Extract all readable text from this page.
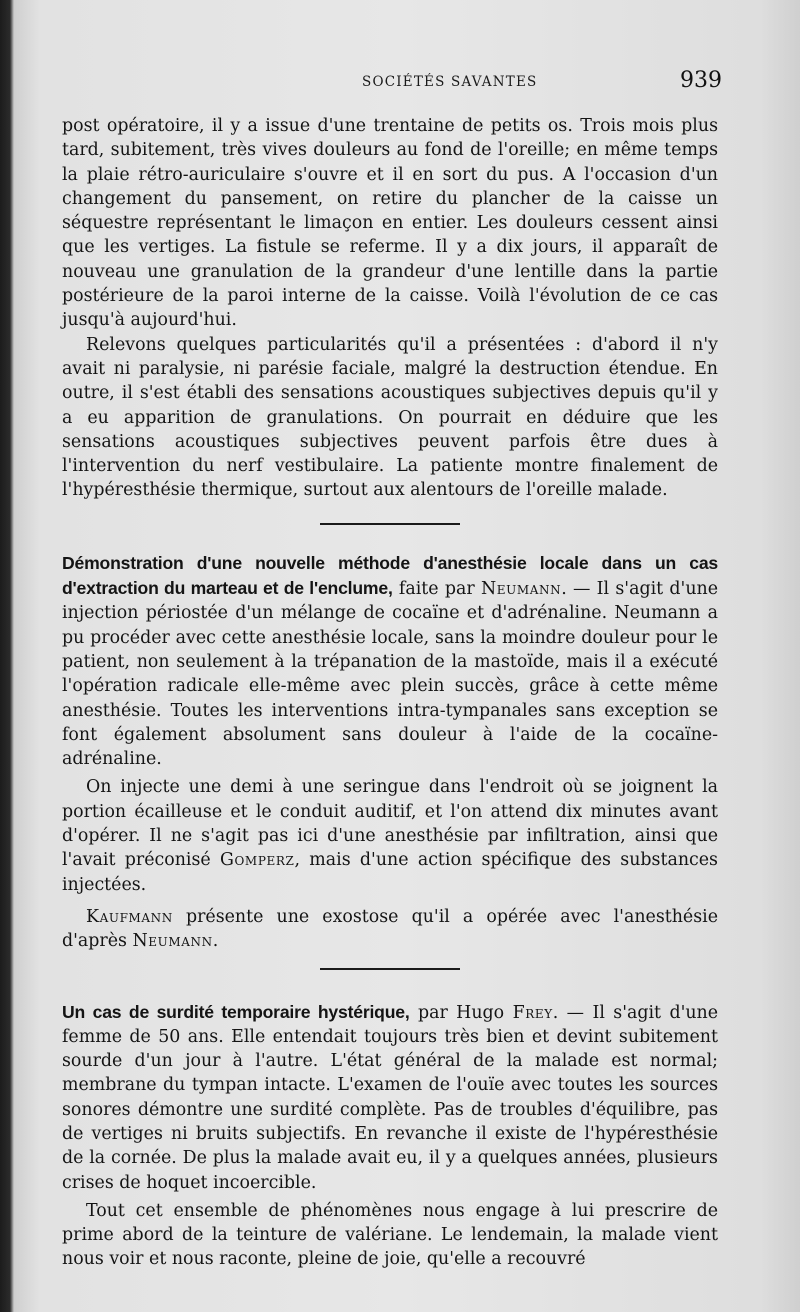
SOCIÉTÉS SAVANTES	939

post opératoire, il y a issue d'une trentaine de petits os. Trois mois plus tard, subitement, très vives douleurs au fond de l'oreille; en même temps la plaie rétro-auriculaire s'ouvre et il en sort du pus. A l'occasion d'un changement du pansement, on retire du plancher de la caisse un séquestre représentant le limaçon en entier. Les douleurs cessent ainsi que les vertiges. La fistule se referme. Il y a dix jours, il apparaît de nouveau une granulation de la grandeur d'une lentille dans la partie postérieure de la paroi interne de la caisse. Voilà l'évolution de ce cas jusqu'à aujourd'hui.

Relevons quelques particularités qu'il a présentées : d'abord il n'y avait ni paralysie, ni parésie faciale, malgré la destruction étendue. En outre, il s'est établi des sensations acoustiques subjectives depuis qu'il y a eu apparition de granulations. On pourrait en déduire que les sensations acoustiques subjectives peuvent parfois être dues à l'intervention du nerf vestibulaire. La patiente montre finalement de l'hypéresthésie thermique, surtout aux alentours de l'oreille malade.

Démonstration d'une nouvelle méthode d'anesthésie locale dans un cas d'extraction du marteau et de l'enclume, faite par Neumann. — Il s'agit d'une injection périostée d'un mélange de cocaïne et d'adrénaline. Neumann a pu procéder avec cette anesthésie locale, sans la moindre douleur pour le patient, non seulement à la trépanation de la mastoïde, mais il a exécuté l'opération radicale elle-même avec plein succès, grâce à cette même anesthésie. Toutes les interventions intra-tympanales sans exception se font également absolument sans douleur à l'aide de la cocaïne-adrénaline.

On injecte une demi à une seringue dans l'endroit où se joignent la portion écailleuse et le conduit auditif, et l'on attend dix minutes avant d'opérer. Il ne s'agit pas ici d'une anesthésie par infiltration, ainsi que l'avait préconisé Gomperz, mais d'une action spécifique des substances injectées.

Kaufmann présente une exostose qu'il a opérée avec l'anesthésie d'après Neumann.

Un cas de surdité temporaire hystérique, par Hugo Frey. — Il s'agit d'une femme de 50 ans. Elle entendait toujours très bien et devint subitement sourde d'un jour à l'autre. L'état général de la malade est normal; membrane du tympan intacte. L'examen de l'ouïe avec toutes les sources sonores démontre une surdité complète. Pas de troubles d'équilibre, pas de vertiges ni bruits subjectifs. En revanche il existe de l'hypéresthésie de la cornée. De plus la malade avait eu, il y a quelques années, plusieurs crises de hoquet incoercible.

Tout cet ensemble de phénomènes nous engage à lui prescrire de prime abord de la teinture de valériane. Le lendemain, la malade vient nous voir et nous raconte, pleine de joie, qu'elle a recouvré
